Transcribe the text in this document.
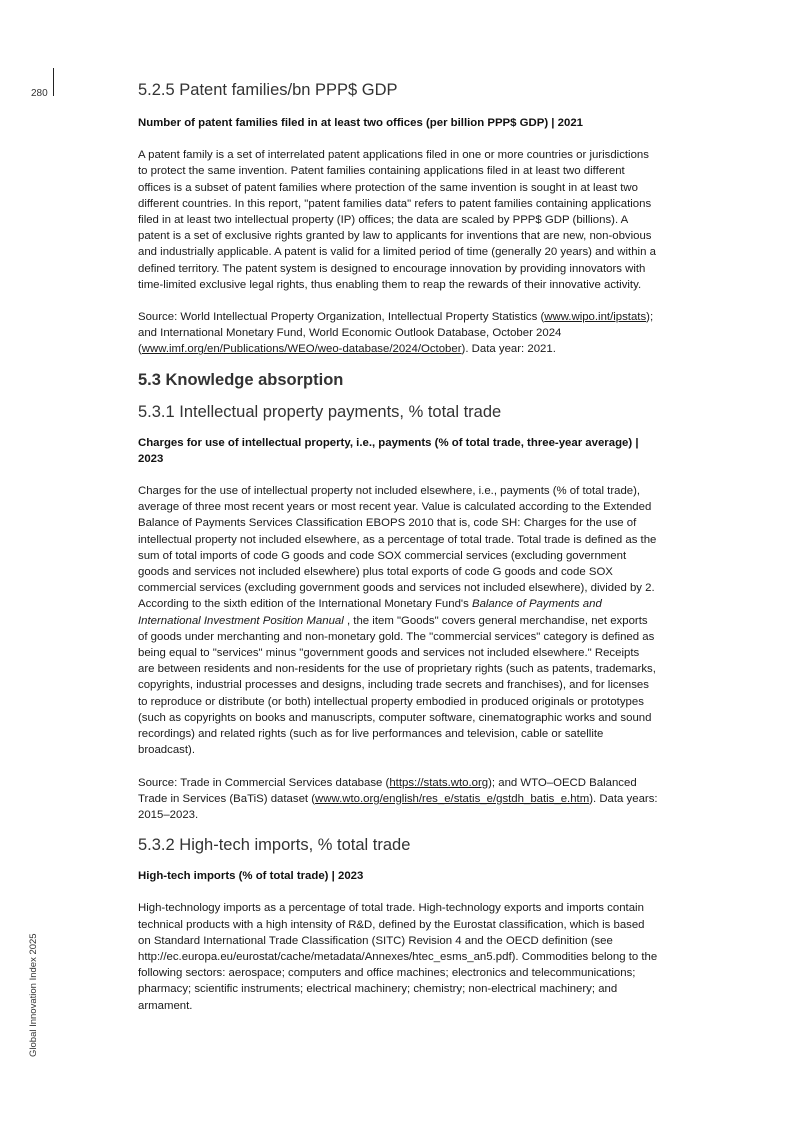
280
Global Innovation Index 2025
5.2.5 Patent families/bn PPP$ GDP
Number of patent families filed in at least two offices (per billion PPP$ GDP) | 2021

A patent family is a set of interrelated patent applications filed in one or more countries or jurisdictions to protect the same invention. Patent families containing applications filed in at least two different offices is a subset of patent families where protection of the same invention is sought in at least two different countries. In this report, "patent families data" refers to patent families containing applications filed in at least two intellectual property (IP) offices; the data are scaled by PPP$ GDP (billions). A patent is a set of exclusive rights granted by law to applicants for inventions that are new, non-obvious and industrially applicable. A patent is valid for a limited period of time (generally 20 years) and within a defined territory. The patent system is designed to encourage innovation by providing innovators with time-limited exclusive legal rights, thus enabling them to reap the rewards of their innovative activity.

Source: World Intellectual Property Organization, Intellectual Property Statistics (www.wipo.int/ipstats); and International Monetary Fund, World Economic Outlook Database, October 2024 (www.imf.org/en/Publications/WEO/weo-database/2024/October). Data year: 2021.

5.3 Knowledge absorption
5.3.1 Intellectual property payments, % total trade
Charges for use of intellectual property, i.e., payments (% of total trade, three-year average) | 2023

Charges for the use of intellectual property not included elsewhere, i.e., payments (% of total trade), average of three most recent years or most recent year. Value is calculated according to the Extended Balance of Payments Services Classification EBOPS 2010 that is, code SH: Charges for the use of intellectual property not included elsewhere, as a percentage of total trade. Total trade is defined as the sum of total imports of code G goods and code SOX commercial services (excluding government goods and services not included elsewhere) plus total exports of code G goods and code SOX commercial services (excluding government goods and services not included elsewhere), divided by 2. According to the sixth edition of the International Monetary Fund's Balance of Payments and International Investment Position Manual , the item "Goods" covers general merchandise, net exports of goods under merchanting and non-monetary gold. The "commercial services" category is defined as being equal to "services" minus "government goods and services not included elsewhere." Receipts are between residents and non-residents for the use of proprietary rights (such as patents, trademarks, copyrights, industrial processes and designs, including trade secrets and franchises), and for licenses to reproduce or distribute (or both) intellectual property embodied in produced originals or prototypes (such as copyrights on books and manuscripts, computer software, cinematographic works and sound recordings) and related rights (such as for live performances and television, cable or satellite broadcast).

Source: Trade in Commercial Services database (https://stats.wto.org); and WTO–OECD Balanced Trade in Services (BaTiS) dataset (www.wto.org/english/res_e/statis_e/gstdh_batis_e.htm). Data years: 2015–2023.

5.3.2 High-tech imports, % total trade
High-tech imports (% of total trade) | 2023

High-technology imports as a percentage of total trade. High-technology exports and imports contain technical products with a high intensity of R&D, defined by the Eurostat classification, which is based on Standard International Trade Classification (SITC) Revision 4 and the OECD definition (see http://ec.europa.eu/eurostat/cache/metadata/Annexes/htec_esms_an5.pdf). Commodities belong to the following sectors: aerospace; computers and office machines; electronics and telecommunications; pharmacy; scientific instruments; electrical machinery; chemistry; non-electrical machinery; and armament.
